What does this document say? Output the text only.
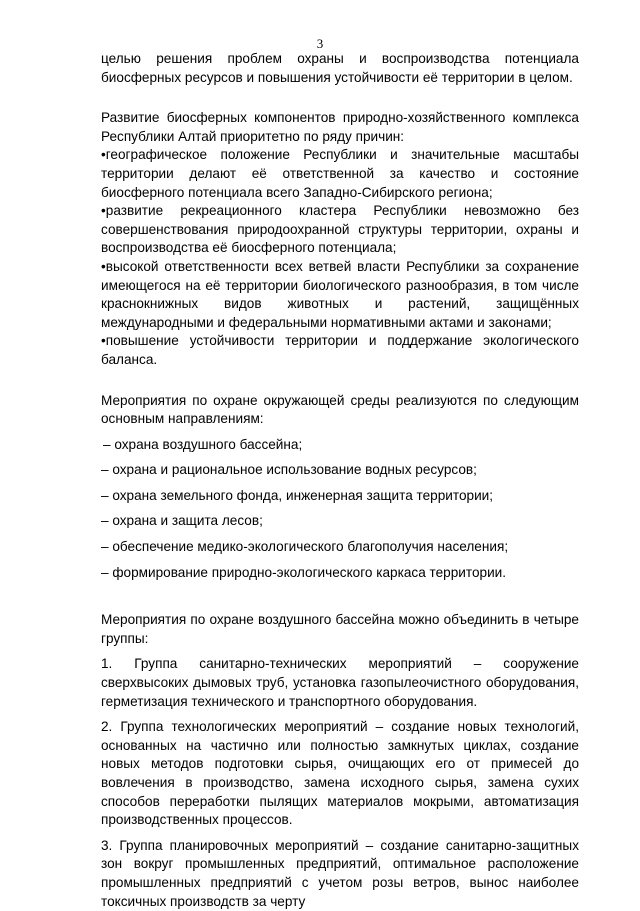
3

целью решения проблем охраны и воспроизводства потенциала биосферных ресурсов и повышения устойчивости её территории в целом.

Развитие биосферных компонентов природно-хозяйственного комплекса Республики Алтай приоритетно по ряду причин:

•географическое положение Республики и значительные масштабы территории делают её ответственной за качество и состояние биосферного потенциала всего Западно-Сибирского региона;

•развитие рекреационного кластера Республики невозможно без совершенствования природоохранной структуры территории, охраны и воспроизводства её биосферного потенциала;

•высокой ответственности всех ветвей власти Республики за сохранение имеющегося на её территории биологического разнообразия, в том числе краснокнижных видов животных и растений, защищённых международными и федеральными нормативными актами и законами;

•повышение устойчивости территории и поддержание экологического баланса.

Мероприятия по охране окружающей среды реализуются по следующим основным направлениям:

– охрана воздушного бассейна;

– охрана и рациональное использование водных ресурсов;

– охрана земельного фонда, инженерная защита территории;

– охрана и защита лесов;

– обеспечение медико-экологического благополучия населения;

– формирование природно-экологического каркаса территории.

Мероприятия по охране воздушного бассейна можно объединить в четыре группы:

1. Группа санитарно-технических мероприятий – сооружение сверхвысоких дымовых труб, установка газопылеочистного оборудования, герметизация технического и транспортного оборудования.

2. Группа технологических мероприятий – создание новых технологий, основанных на частично или полностью замкнутых циклах, создание новых методов подготовки сырья, очищающих его от примесей до вовлечения в производство, замена исходного сырья, замена сухих способов переработки пылящих материалов мокрыми, автоматизация производственных процессов.

3. Группа планировочных мероприятий – создание санитарно-защитных зон вокруг промышленных предприятий, оптимальное расположение промышленных предприятий с учетом розы ветров, вынос наиболее токсичных производств за черту
